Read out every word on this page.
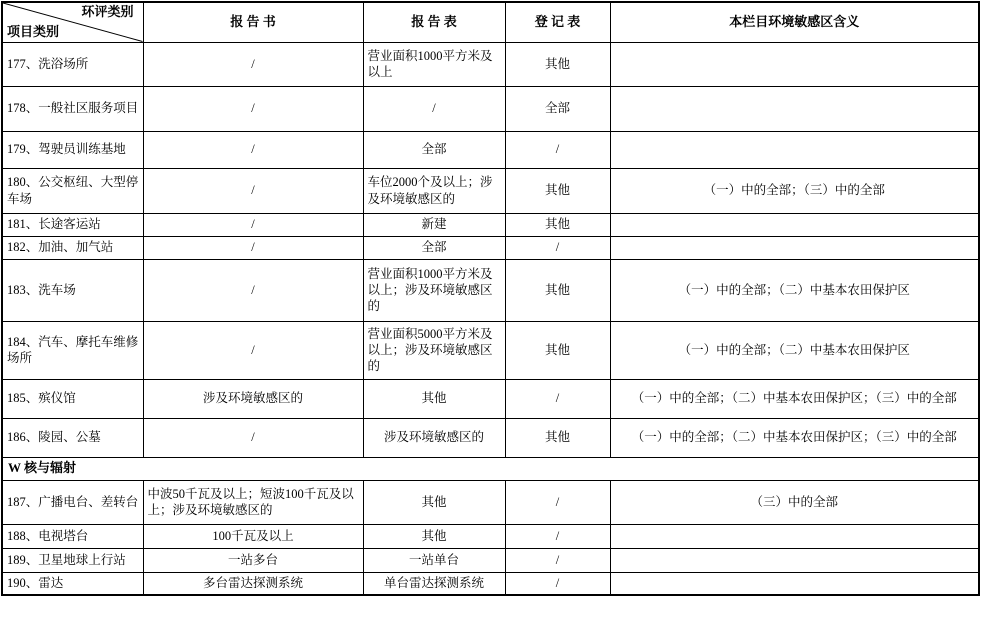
环评类别
项目类别	报 告 书	报 告 表	登 记 表	本栏目环境敏感区含义
177、洗浴场所	/	营业面积1000平方米及以上	其他	
178、一般社区服务项目	/	/	全部	
179、驾驶员训练基地	/	全部	/	
180、公交枢纽、大型停车场	/	车位2000个及以上；涉及环境敏感区的	其他	（一）中的全部；（三）中的全部
181、长途客运站	/	新建	其他	
182、加油、加气站	/	全部	/	
183、洗车场	/	营业面积1000平方米及以上；涉及环境敏感区的	其他	（一）中的全部；（二）中基本农田保护区
184、汽车、摩托车维修场所	/	营业面积5000平方米及以上；涉及环境敏感区的	其他	（一）中的全部；（二）中基本农田保护区
185、殡仪馆	涉及环境敏感区的	其他	/	（一）中的全部；（二）中基本农田保护区；（三）中的全部
186、陵园、公墓	/	涉及环境敏感区的	其他	（一）中的全部；（二）中基本农田保护区；（三）中的全部
W 核与辐射				
187、广播电台、差转台	中波50千瓦及以上；短波100千瓦及以上；涉及环境敏感区的	其他	/	（三）中的全部
188、电视塔台	100千瓦及以上	其他	/	
189、卫星地球上行站	一站多台	一站单台	/	
190、雷达	多台雷达探测系统	单台雷达探测系统	/	
